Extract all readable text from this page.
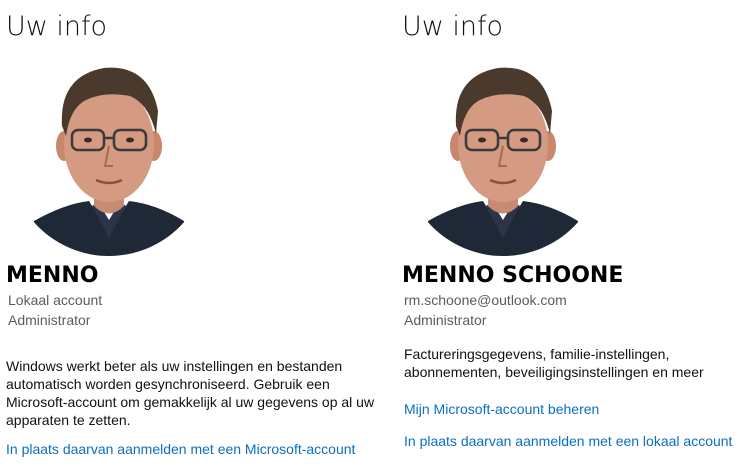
Uw info
MENNO
Lokaal account
Administrator

Windows werkt beter als uw instellingen en bestanden automatisch worden gesynchroniseerd. Gebruik een Microsoft-account om gemakkelijk al uw gegevens op al uw apparaten te zetten.

In plaats daarvan aanmelden met een Microsoft-account
Uw info
MENNO SCHOONE
rm.schoone@outlook.com
Administrator

Factureringsgegevens, familie-instellingen, abonnementen, beveiligingsinstellingen en meer

Mijn Microsoft-account beheren
In plaats daarvan aanmelden met een lokaal account
